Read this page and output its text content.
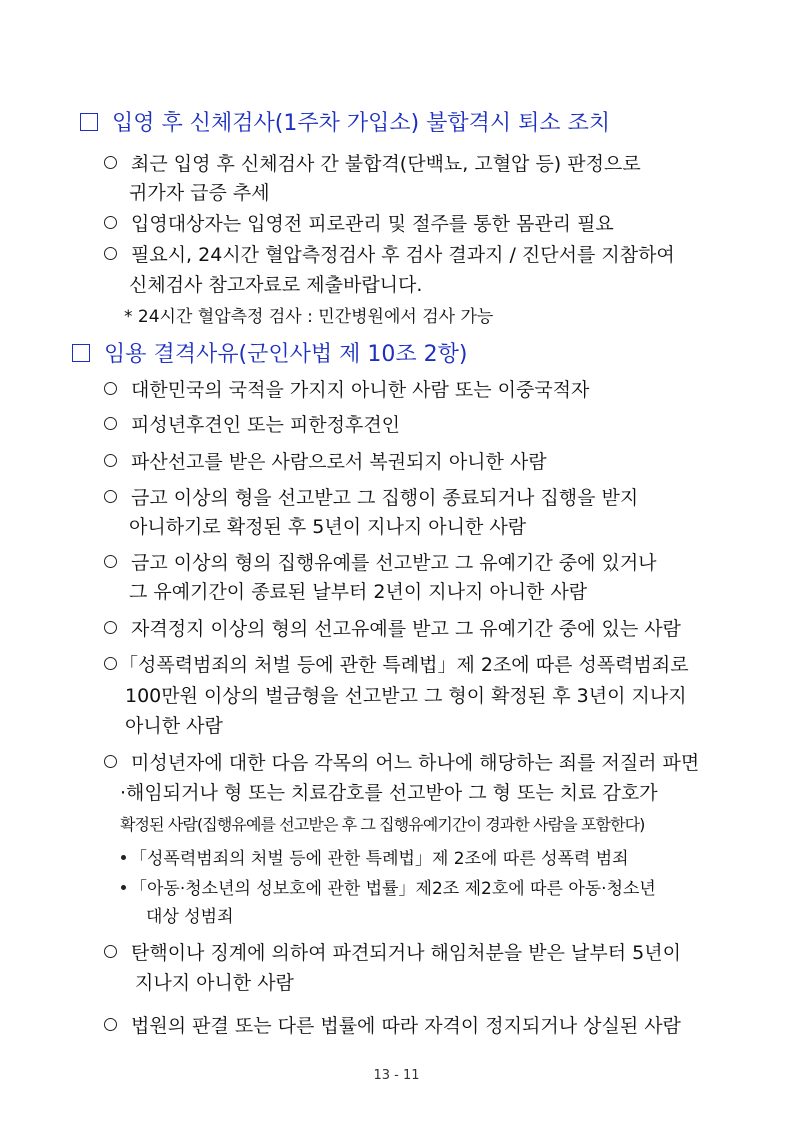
입영 후 신체검사(1주차 가입소) 불합격시 퇴소 조치
최근 입영 후 신체검사 간 불합격(단백뇨, 고혈압 등) 판정으로
귀가자 급증 추세
입영대상자는 입영전 피로관리 및 절주를 통한 몸관리 필요
필요시, 24시간 혈압측정검사 후 검사 결과지 / 진단서를 지참하여
신체검사 참고자료로 제출바랍니다.
* 24시간 혈압측정 검사 : 민간병원에서 검사 가능
임용 결격사유(군인사법 제 10조 2항)
대한민국의 국적을 가지지 아니한 사람 또는 이중국적자
피성년후견인 또는 피한정후견인
파산선고를 받은 사람으로서 복권되지 아니한 사람
금고 이상의 형을 선고받고 그 집행이 종료되거나 집행을 받지
아니하기로 확정된 후 5년이 지나지 아니한 사람
금고 이상의 형의 집행유예를 선고받고 그 유예기간 중에 있거나
그 유예기간이 종료된 날부터 2년이 지나지 아니한 사람
자격정지 이상의 형의 선고유예를 받고 그 유예기간 중에 있는 사람
「성폭력범죄의 처벌 등에 관한 특례법」제 2조에 따른 성폭력범죄로
100만원 이상의 벌금형을 선고받고 그 형이 확정된 후 3년이 지나지
아니한 사람
미성년자에 대한 다음 각목의 어느 하나에 해당하는 죄를 저질러 파면
·해임되거나 형 또는 치료감호를 선고받아 그 형 또는 치료 감호가
확정된 사람(집행유예를 선고받은 후 그 집행유예기간이 경과한 사람을 포함한다)
「성폭력범죄의 처벌 등에 관한 특례법」제 2조에 따른 성폭력 범죄
「아동·청소년의 성보호에 관한 법률」제2조 제2호에 따른 아동·청소년
대상 성범죄
탄핵이나 징계에 의하여 파견되거나 해임처분을 받은 날부터 5년이
지나지 아니한 사람
법원의 판결 또는 다른 법률에 따라 자격이 정지되거나 상실된 사람
13 - 11
